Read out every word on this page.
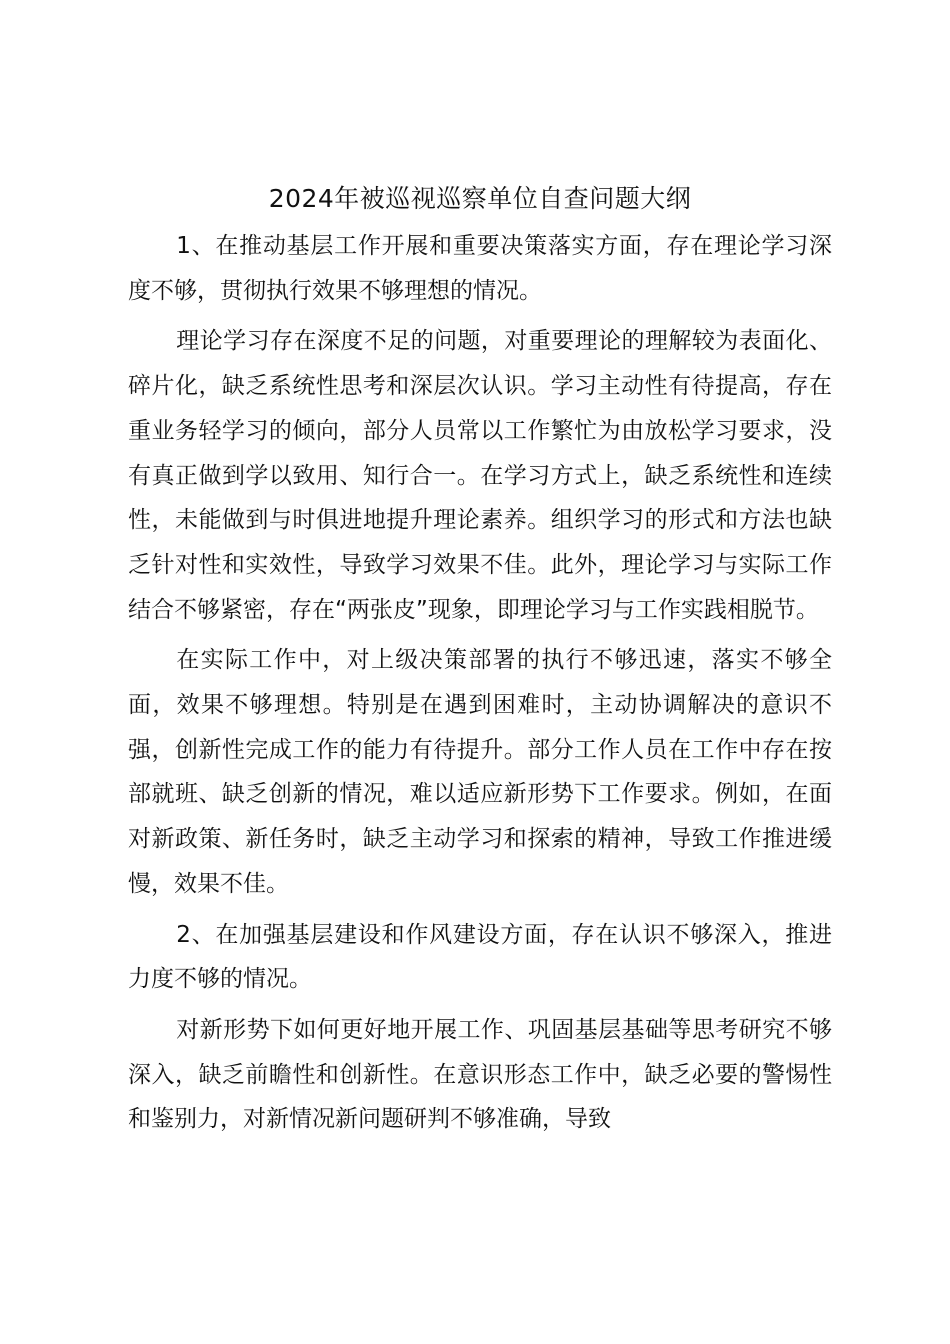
2024年被巡视巡察单位自查问题大纲

1、在推动基层工作开展和重要决策落实方面，存在理论学习深度不够，贯彻执行效果不够理想的情况。

理论学习存在深度不足的问题，对重要理论的理解较为表面化、碎片化，缺乏系统性思考和深层次认识。学习主动性有待提高，存在重业务轻学习的倾向，部分人员常以工作繁忙为由放松学习要求，没有真正做到学以致用、知行合一。在学习方式上，缺乏系统性和连续性，未能做到与时俱进地提升理论素养。组织学习的形式和方法也缺乏针对性和实效性，导致学习效果不佳。此外，理论学习与实际工作结合不够紧密，存在“两张皮”现象，即理论学习与工作实践相脱节。

在实际工作中，对上级决策部署的执行不够迅速，落实不够全面，效果不够理想。特别是在遇到困难时，主动协调解决的意识不强，创新性完成工作的能力有待提升。部分工作人员在工作中存在按部就班、缺乏创新的情况，难以适应新形势下工作要求。例如，在面对新政策、新任务时，缺乏主动学习和探索的精神，导致工作推进缓慢，效果不佳。

2、在加强基层建设和作风建设方面，存在认识不够深入，推进力度不够的情况。

对新形势下如何更好地开展工作、巩固基层基础等思考研究不够深入，缺乏前瞻性和创新性。在意识形态工作中，缺乏必要的警惕性和鉴别力，对新情况新问题研判不够准确，导致
